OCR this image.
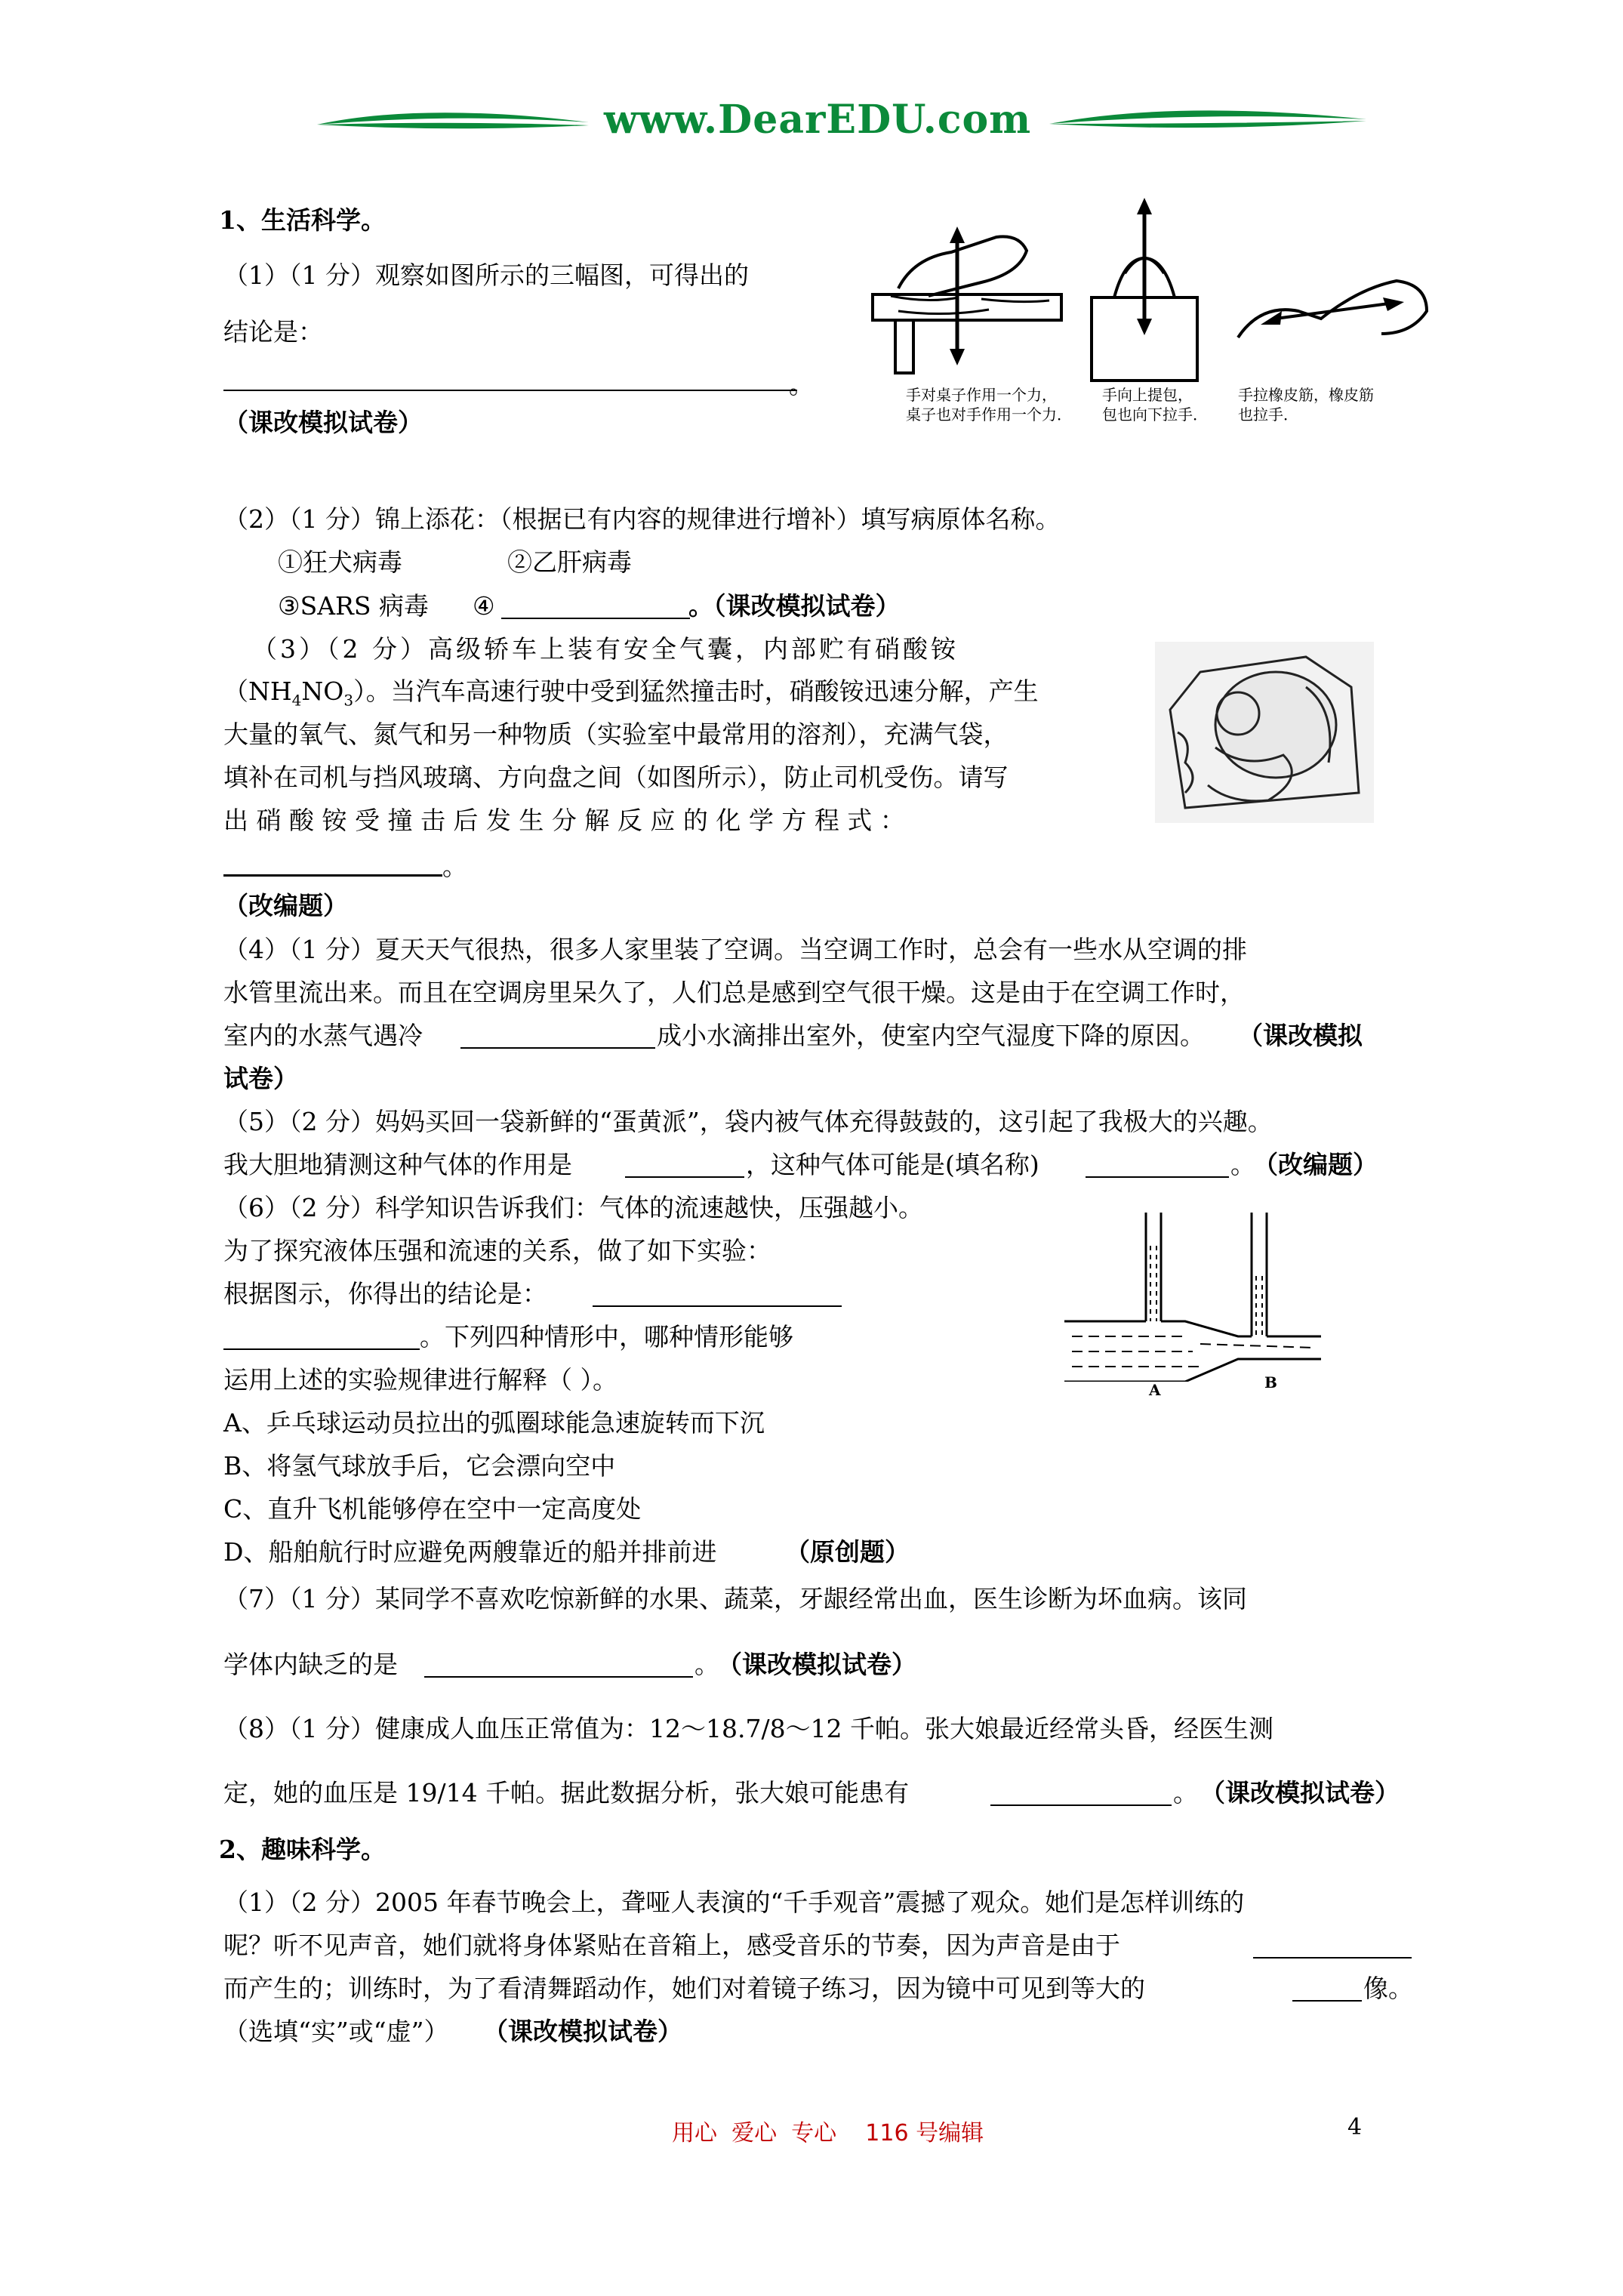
www.DearEDU.com
1、生活科学。
（1）（1 分）观察如图所示的三幅图，可得出的
结论是：
。
（课改模拟试卷）
手对桌子作用一个力，
桌子也对手作用一个力．
手向上提包，
包也向下拉手．
手拉橡皮筋，橡皮筋
也拉手．
（2）（1 分）锦上添花：（根据已有内容的规律进行增补）填写病原体名称。
①狂犬病毒	②乙肝病毒
③SARS 病毒 ④	。（课改模拟试卷）
（3）（2 分）高级轿车上装有安全气囊，内部贮有硝酸铵
$(NH_4NO_3)$。当汽车高速行驶中受到猛然撞击时，硝酸铵迅速分解，产生
大量的氧气、氮气和另一种物质（实验室中最常用的溶剂），充满气袋，
填补在司机与挡风玻璃、方向盘之间（如图所示），防止司机受伤。请写
出 硝 酸 铵 受 撞 击 后 发 生 分 解 反 应 的 化 学 方 程 式 ：
。
（改编题）
（4）（1 分）夏天天气很热，很多人家里装了空调。当空调工作时，总会有一些水从空调的排
水管里流出来。而且在空调房里呆久了，人们总是感到空气很干燥。这是由于在空调工作时，
室内的水蒸气遇冷	成小水滴排出室外，使室内空气湿度下降的原因。 （课改模拟
试卷）
（5）（2 分）妈妈买回一袋新鲜的“蛋黄派”，袋内被气体充得鼓鼓的，这引起了我极大的兴趣。
我大胆地猜测这种气体的作用是	，这种气体可能是(填名称)	。
（改编题）
（6）（2 分）科学知识告诉我们：气体的流速越快，压强越小。
为了探究液体压强和流速的关系，做了如下实验：
根据图示，你得出的结论是：
。下列四种情形中，哪种情形能够
运用上述的实验规律进行解释（ ）。
A、乒乓球运动员拉出的弧圈球能急速旋转而下沉
B、将氢气球放手后，它会漂向空中
C、直升飞机能够停在空中一定高度处
D、船舶航行时应避免两艘靠近的船并排前进	（原创题）
A	B
（7）（1 分）某同学不喜欢吃惊新鲜的水果、蔬菜，牙龈经常出血，医生诊断为坏血病。该同
学体内缺乏的是	。
（课改模拟试卷）
（8）（1 分）健康成人血压正常值为：12～18.7/8～12 千帕。张大娘最近经常头昏，经医生测
定，她的血压是 19/14 千帕。据此数据分析，张大娘可能患有	。 （课改模拟试卷）
2、趣味科学。
（1）（2 分）2005 年春节晚会上，聋哑人表演的“千手观音”震撼了观众。她们是怎样训练的
呢？听不见声音，她们就将身体紧贴在音箱上，感受音乐的节奏，因为声音是由于
而产生的；训练时，为了看清舞蹈动作，她们对着镜子练习，因为镜中可见到等大的	像。
（选填“实”或“虚”） （课改模拟试卷）
用心  爱心  专心    116 号编辑	4
